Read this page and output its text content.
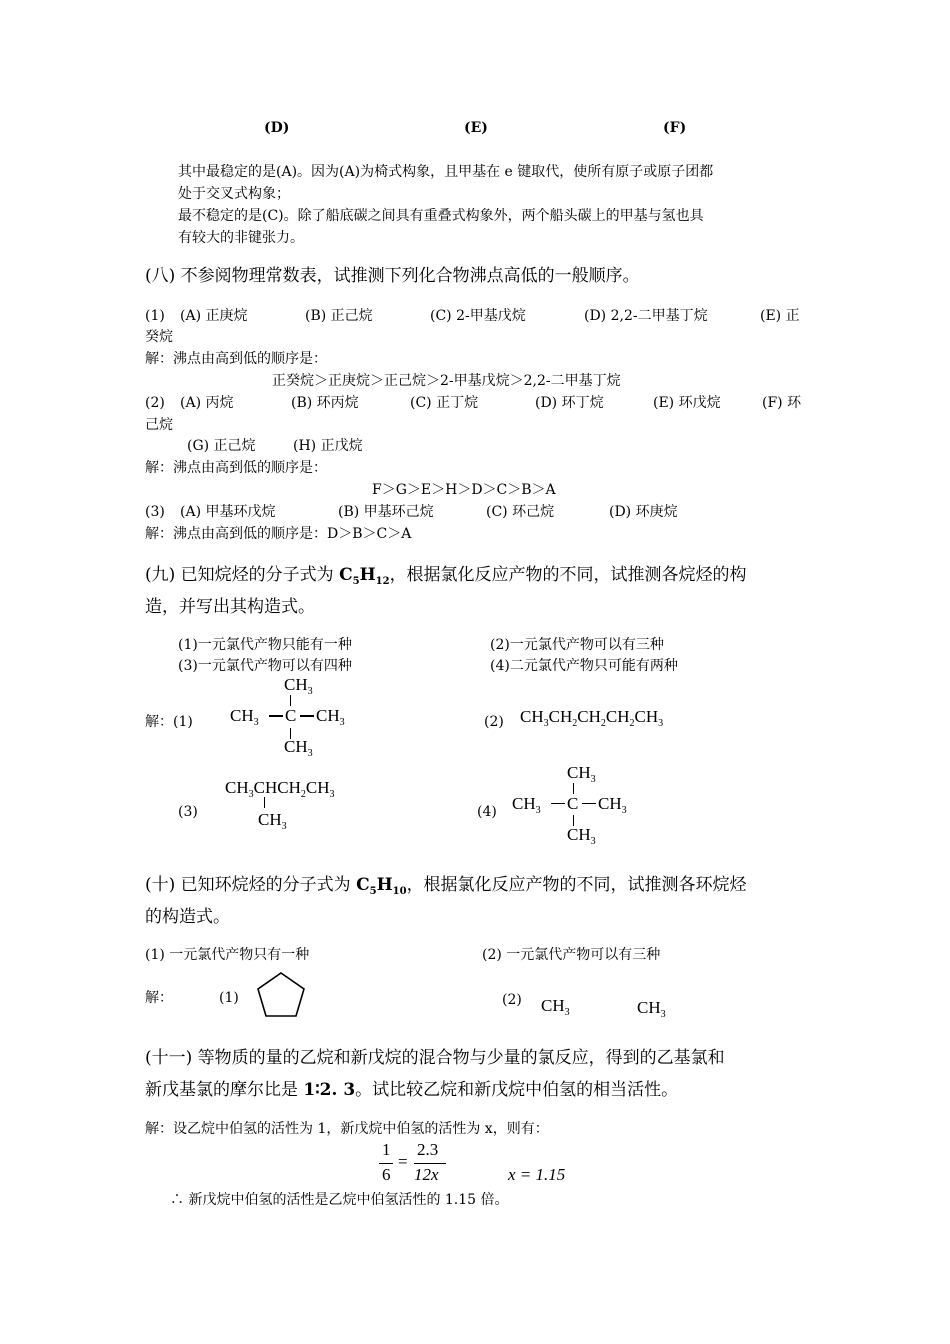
(D)	(E)	(F)
其中最稳定的是(A)。因为(A)为椅式构象，且甲基在 e 键取代，使所有原子或原子团都
处于交叉式构象；
最不稳定的是(C)。除了船底碳之间具有重叠式构象外，两个船头碳上的甲基与氢也具
有较大的非键张力。
(八) 不参阅物理常数表，试推测下列化合物沸点高低的一般顺序。
(1) (A) 正庚烷	(B) 正己烷	(C) 2-甲基戊烷	(D) 2,2-二甲基丁烷	(E) 正
癸烷
解：沸点由高到低的顺序是：
正癸烷＞正庚烷＞正己烷＞2-甲基戊烷＞2,2-二甲基丁烷
(2) (A) 丙烷	(B) 环丙烷	(C) 正丁烷	(D) 环丁烷	(E) 环戊烷	(F) 环
己烷
(G) 正己烷	(H) 正戊烷
解：沸点由高到低的顺序是：
F＞G＞E＞H＞D＞C＞B＞A
(3) (A) 甲基环戊烷	(B) 甲基环己烷	(C) 环己烷	(D) 环庚烷
解：沸点由高到低的顺序是：D＞B＞C＞A
(九) 已知烷烃的分子式为 $C_5H_{12}$，根据氯化反应产物的不同，试推测各烷烃的构
造，并写出其构造式。
(1)一元氯代产物只能有一种	(2)一元氯代产物可以有三种
(3)一元氯代产物可以有四种	(4)二元氯代产物只可能有两种
解：(1)
$CH_3$
$CH_3$ C $CH_3$
$CH_3$
(2) $CH_3CH_2CH_2CH_2CH_3$
(3)
$CH_3CHCH_2CH_3$
$CH_3$
(4)
$CH_3$
$CH_3$ C $CH_3$
$CH_3$
(十) 已知环烷烃的分子式为 $C_5H_{10}$，根据氯化反应产物的不同，试推测各环烷烃
的构造式。
(1) 一元氯代产物只有一种	(2) 一元氯代产物可以有三种
解：	(1)	(2) $CH_3$	$CH_3$
(十一) 等物质的量的乙烷和新戊烷的混合物与少量的氯反应，得到的乙基氯和
新戊基氯的摩尔比是 1∶2. 3。试比较乙烷和新戊烷中伯氢的相当活性。
解：设乙烷中伯氢的活性为 1，新戊烷中伯氢的活性为 x，则有：
1
6
=
2.3
12x	x = 1.15
∴ 新戊烷中伯氢的活性是乙烷中伯氢活性的 1.15 倍。
